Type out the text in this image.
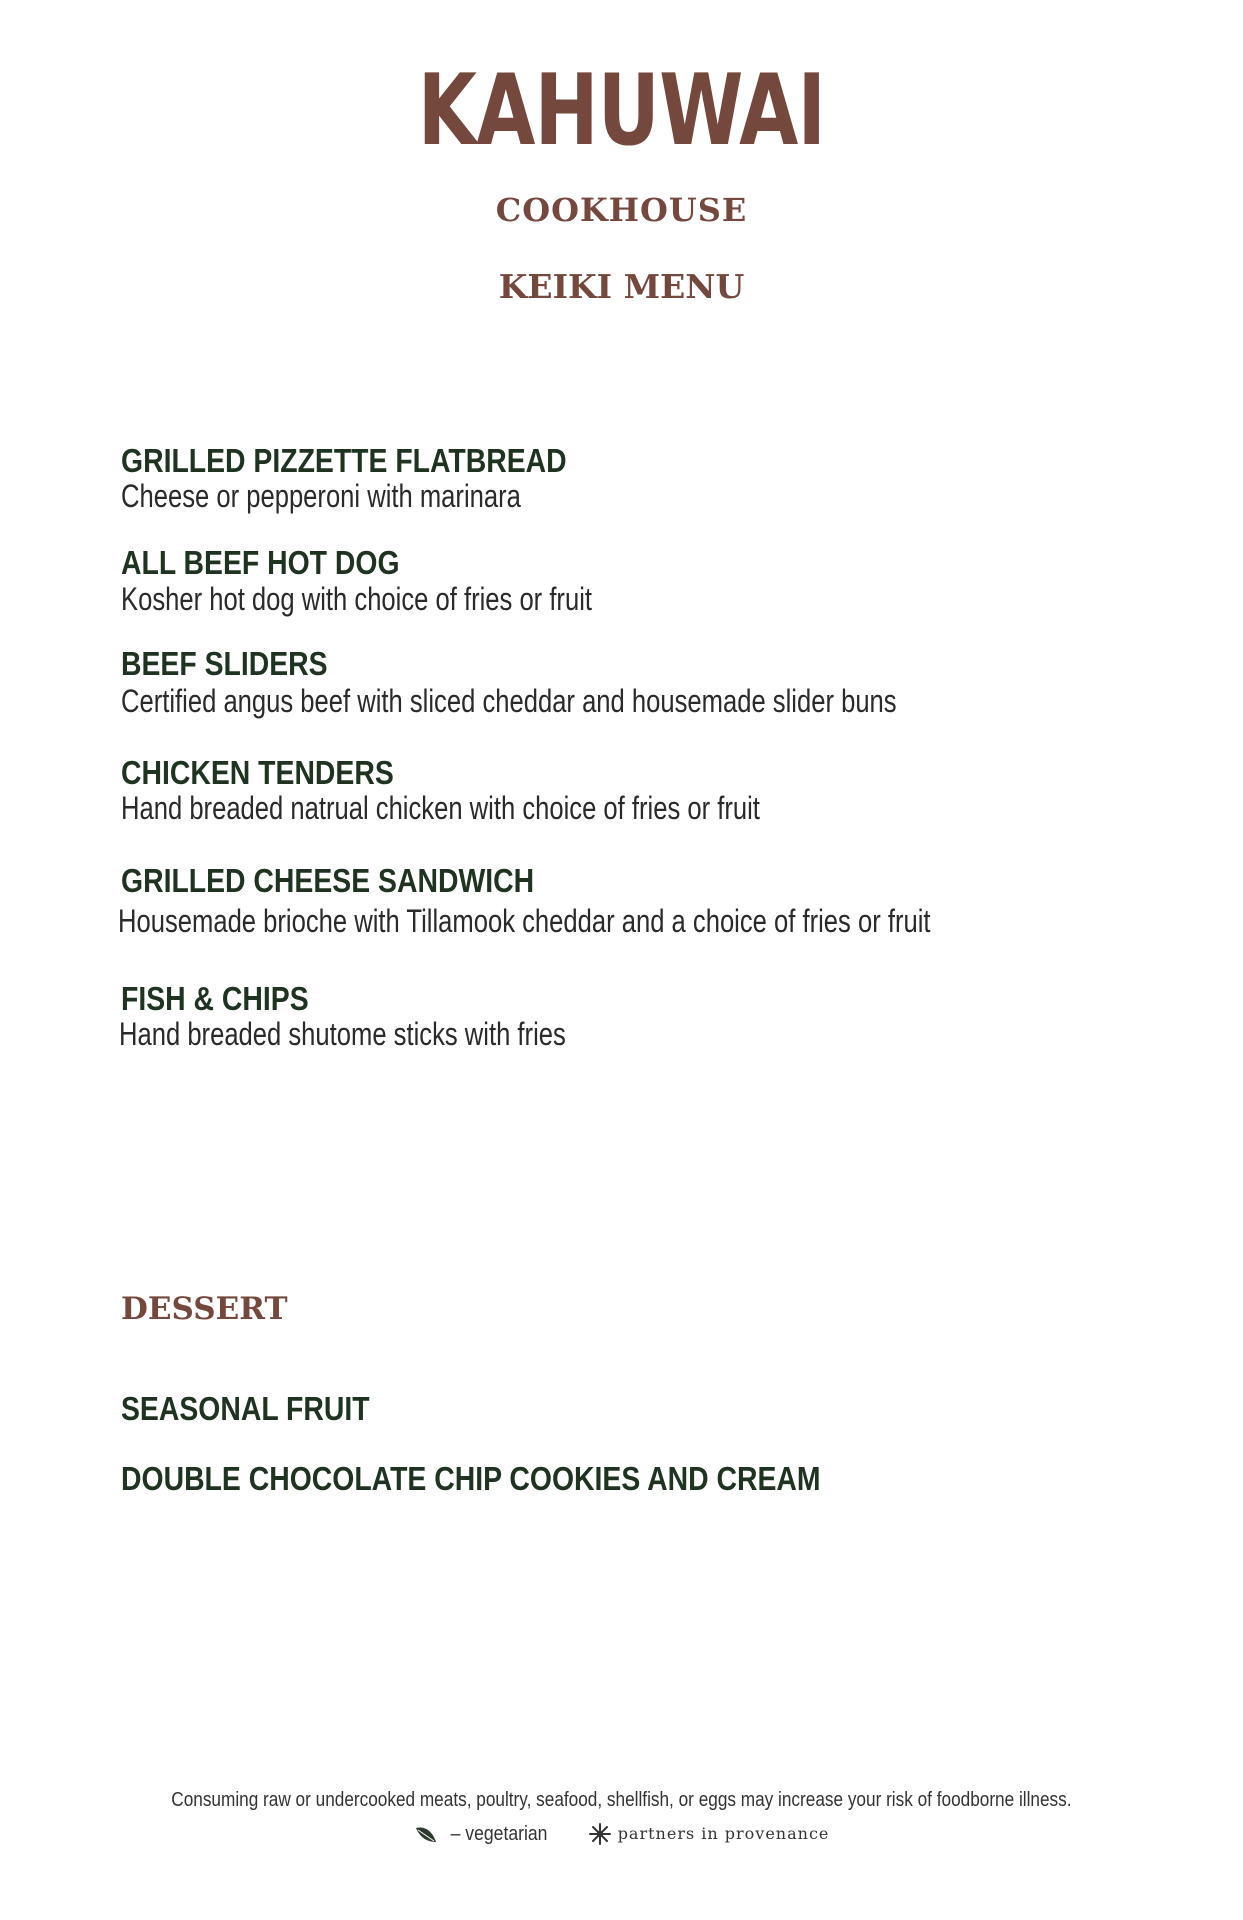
KAHUWAI
COOKHOUSE
KEIKI MENU
GRILLED PIZZETTE FLATBREAD
Cheese or pepperoni with marinara
ALL BEEF HOT DOG
Kosher hot dog with choice of fries or fruit
BEEF SLIDERS
Certified angus beef with sliced cheddar and housemade slider buns
CHICKEN TENDERS
Hand breaded natrual chicken with choice of fries or fruit
GRILLED CHEESE SANDWICH
Housemade brioche with Tillamook cheddar and a choice of fries or fruit
FISH & CHIPS
Hand breaded shutome sticks with fries
DESSERT
SEASONAL FRUIT
DOUBLE CHOCOLATE CHIP COOKIES AND CREAM
Consuming raw or undercooked meats, poultry, seafood, shellfish, or eggs may increase your risk of foodborne illness.
– vegetarian	partners in provenance
